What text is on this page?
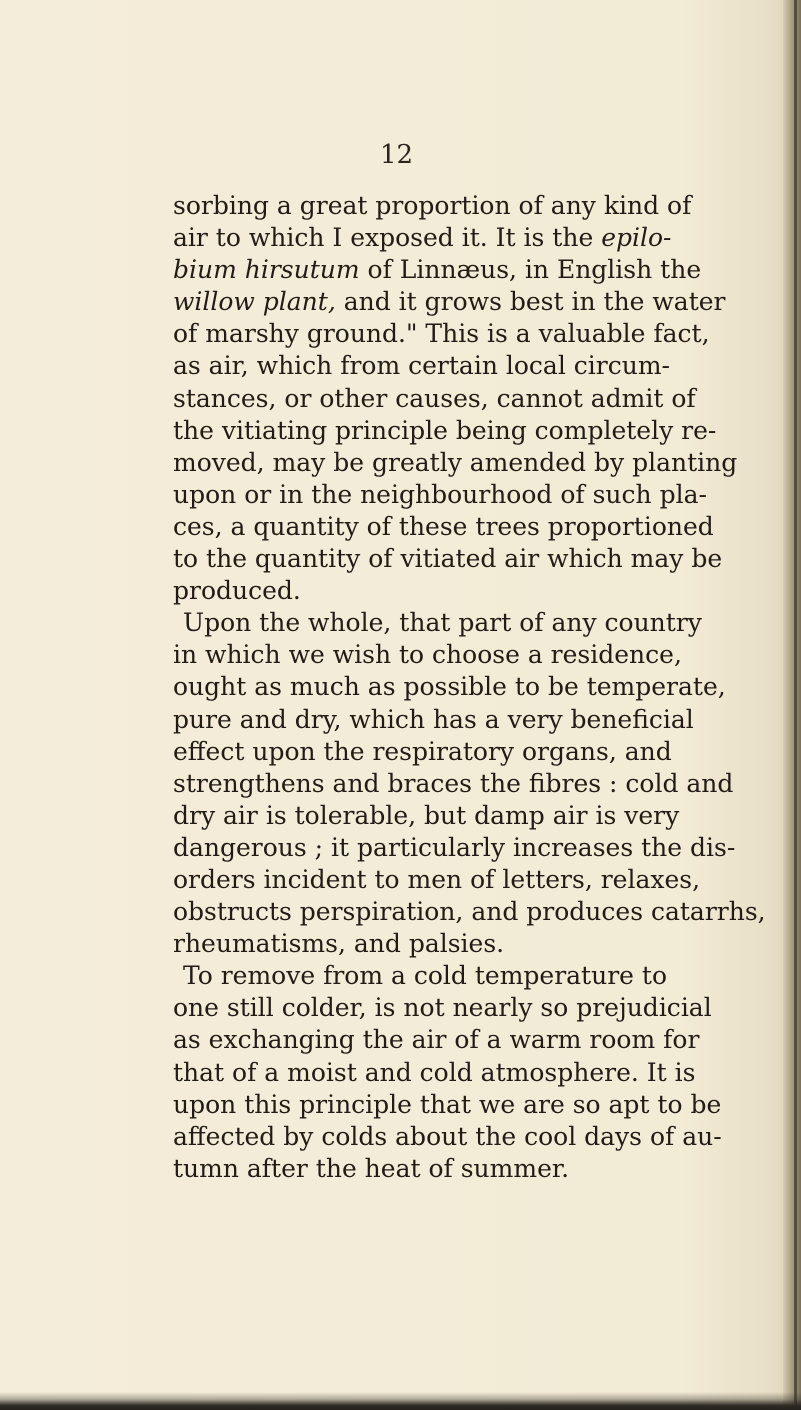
12
sorbing a great proportion of any kind of
air to which I exposed it. It is the epilo-
bium hirsutum of Linnæus, in English the
willow plant, and it grows best in the water
of marshy ground." This is a valuable fact,
as air, which from certain local circum-
stances, or other causes, cannot admit of
the vitiating principle being completely re-
moved, may be greatly amended by planting
upon or in the neighbourhood of such pla-
ces, a quantity of these trees proportioned
to the quantity of vitiated air which may be
produced.
Upon the whole, that part of any country
in which we wish to choose a residence,
ought as much as possible to be temperate,
pure and dry, which has a very beneficial
effect upon the respiratory organs, and
strengthens and braces the fibres : cold and
dry air is tolerable, but damp air is very
dangerous ; it particularly increases the dis-
orders incident to men of letters, relaxes,
obstructs perspiration, and produces catarrhs,
rheumatisms, and palsies.
To remove from a cold temperature to
one still colder, is not nearly so prejudicial
as exchanging the air of a warm room for
that of a moist and cold atmosphere. It is
upon this principle that we are so apt to be
affected by colds about the cool days of au-
tumn after the heat of summer.
